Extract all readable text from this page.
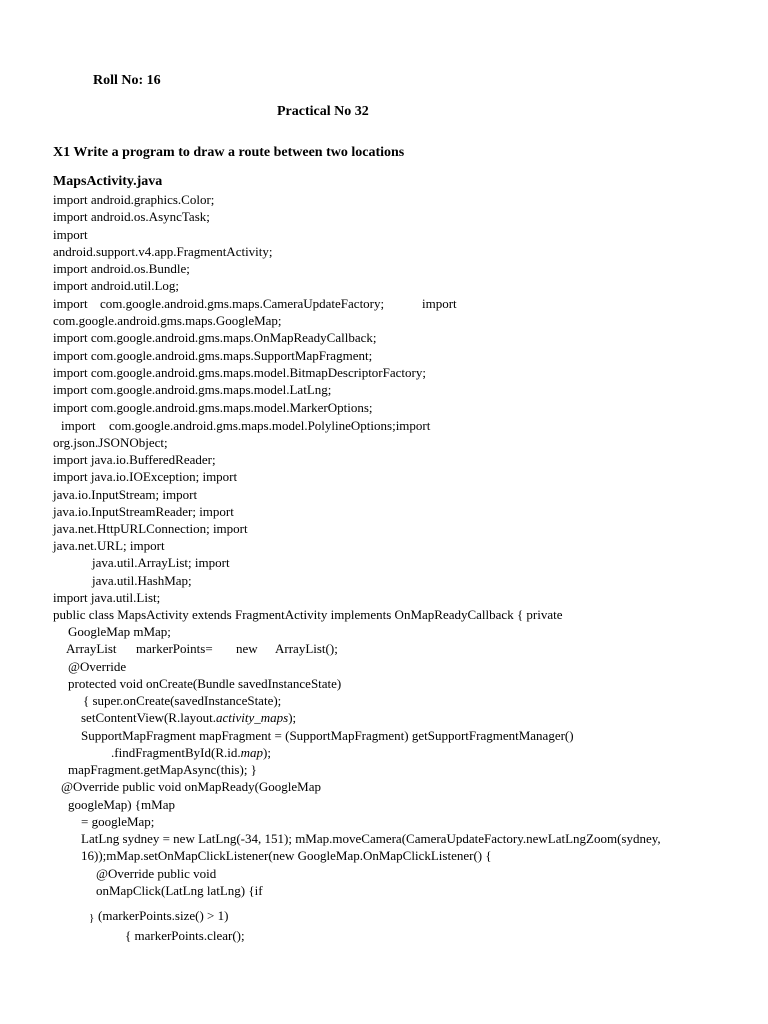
Roll No: 16
Practical No 32
X1 Write a program to draw a route between two locations
MapsActivity.java
import android.graphics.Color;
import android.os.AsyncTask;
import
android.support.v4.app.FragmentActivity;
import android.os.Bundle;
import android.util.Log;
import com.google.android.gms.maps.CameraUpdateFactory;	import
com.google.android.gms.maps.GoogleMap;
import com.google.android.gms.maps.OnMapReadyCallback;
import com.google.android.gms.maps.SupportMapFragment;
import com.google.android.gms.maps.model.BitmapDescriptorFactory;
import com.google.android.gms.maps.model.LatLng;
import com.google.android.gms.maps.model.MarkerOptions;
import com.google.android.gms.maps.model.PolylineOptions;import
org.json.JSONObject;
import java.io.BufferedReader;
import java.io.IOException; import
java.io.InputStream; import
java.io.InputStreamReader; import
java.net.HttpURLConnection; import
java.net.URL; import
java.util.ArrayList; import
java.util.HashMap;
import java.util.List;
public class MapsActivity extends FragmentActivity implements OnMapReadyCallback { private
GoogleMap mMap;
ArrayList markerPoints= new ArrayList();
@Override
protected void onCreate(Bundle savedInstanceState)
{ super.onCreate(savedInstanceState);
setContentView(R.layout.activity_maps);
SupportMapFragment mapFragment = (SupportMapFragment) getSupportFragmentManager()
.findFragmentById(R.id.map);
mapFragment.getMapAsync(this); }
@Override public void onMapReady(GoogleMap
googleMap) {mMap
= googleMap;
LatLng sydney = new LatLng(-34, 151); mMap.moveCamera(CameraUpdateFactory.newLatLngZoom(sydney,
16));mMap.setOnMapClickListener(new GoogleMap.OnMapClickListener() {
@Override public void
onMapClick(LatLng latLng) {if
} (markerPoints.size() > 1)
{ markerPoints.clear();
